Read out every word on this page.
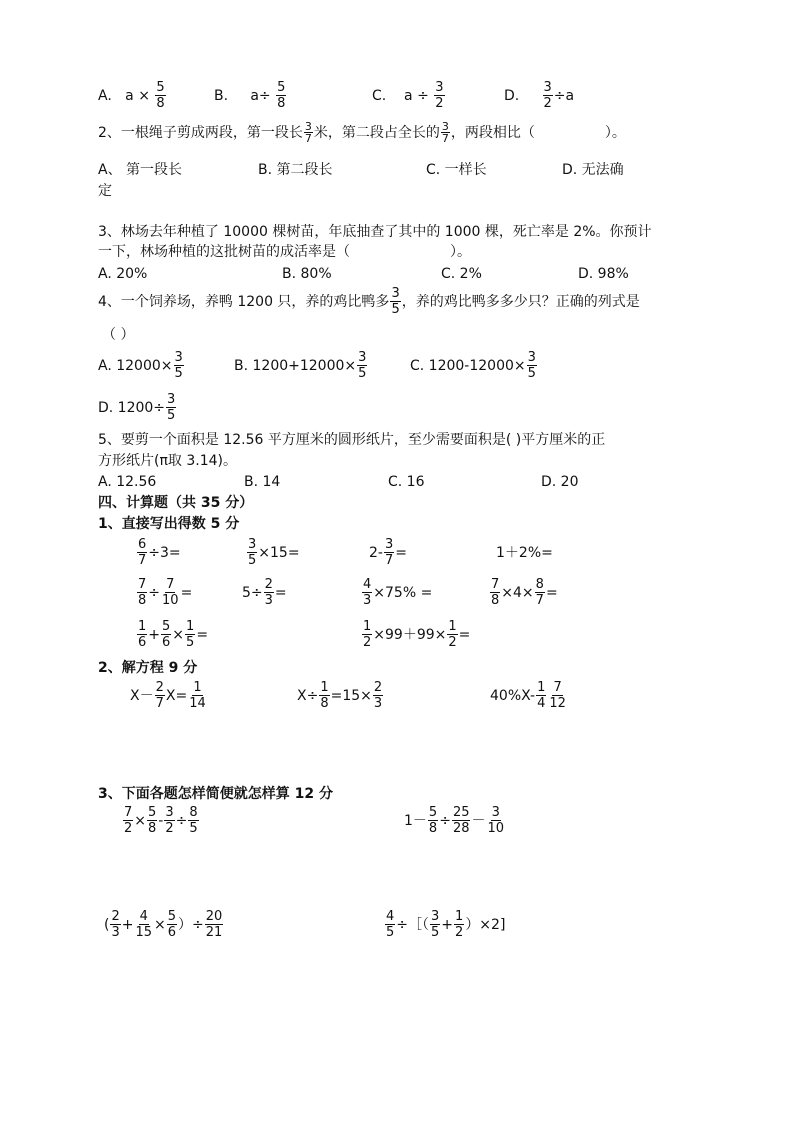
A.
a
×
$\frac{5}{8}$	B.
a÷
$\frac{5}{8}$	C.
a
÷
$\frac{3}{2}$	D.
$\frac{3}{2} \div a$
2、一根绳子剪成两段，第一段长 $\frac{3}{7}$ 米，第二段占全长的 $\frac{3}{7}$ ，两段相比（	）。
A、 第一段长	B. 第二段长	C. 一样长	D. 无法确
定
3、林场去年种植了 10000 棵树苗，年底抽查了其中的 1000 棵，死亡率是 2%。你预计
一下，林场种植的这批树苗的成活率是（	）。
A. 20%	B. 80%	C. 2%	D. 98%
4、一个饲养场，养鸭 1200 只，养的鸡比鸭多 $\frac{3}{5}$ ，养的鸡比鸭多多少只？正确的列式是
（ ）
A. $12000\times \frac{3}{5}$	B. $1200+12000\times \frac{3}{5}$	C. $1200-12000\times \frac{3}{5}$
D. $1200\div \frac{3}{5}$
5、要剪一个面积是 12.56 平方厘米的圆形纸片，至少需要面积是( )平方厘米的正
方形纸片(π取 3.14)。
A. 12.56	B. 14	C. 16	D. 20
四、计算题（共 35 分）
1、直接写出得数 5 分
$\frac{6}{7} \div 3=$	$\frac{3}{5} \times 15=$	$2 - \frac{3}{7}$ =	1＋2%=
$\frac{7}{8} \div \frac{7}{10}$ =	$5\div \frac{2}{3}$ =	$\frac{4}{3} \times 75\%$ =	$\frac{7}{8} \times 4\times \frac{8}{7}$ =
$\frac{1}{6} + \frac{5}{6} \times \frac{1}{5}$ =	$\frac{1}{2} \times 99+99\times \frac{1}{2}$ =
2、解方程 9 分
$X- \frac{2}{7} X= \frac{1}{14}$	$X\div \frac{1}{8} =15\times \frac{2}{3}$	$40\%X- \frac{1}{4} \frac{7}{12}$
3、下面各题怎样简便就怎样算 12 分
$\frac{7}{2} \times \frac{5}{8} - \frac{3}{2} \div \frac{8}{5}$	$1- \frac{5}{8} \div \frac{25}{28} - \frac{3}{10}$
( $\frac{2}{3} + \frac{4}{15} \times \frac{5}{6}$ ）÷ $\frac{20}{21}$	$\frac{4}{5}$ ÷［（ $\frac{3}{5} + \frac{1}{2} )\times 2$]
